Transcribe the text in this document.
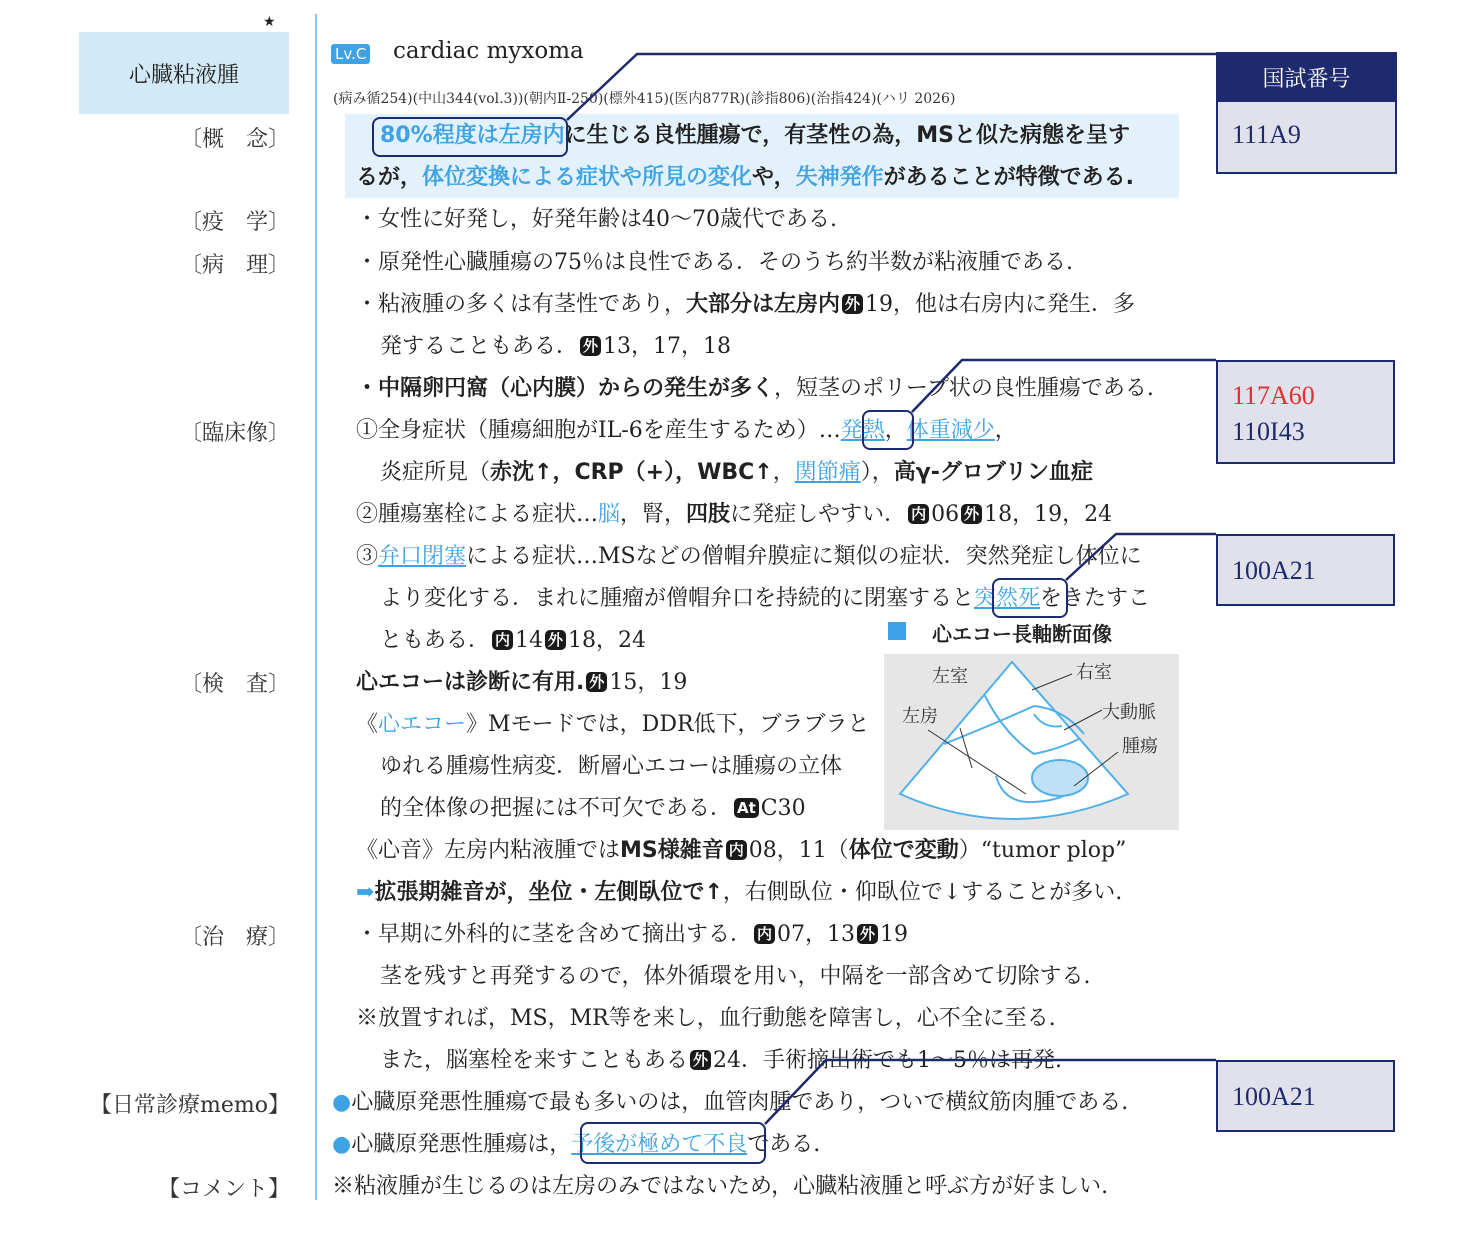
★
心臓粘液腫
〔概　念〕
〔疫　学〕
〔病　理〕
〔臨床像〕
〔検　査〕
〔治　療〕
【日常診療memo】
【コメント】
Lv.C cardiac myxoma
(病み循254)(中山344(vol.3))(朝内Ⅱ-250)(標外415)(医内877R)(診指806)(治指424)(ハリ 2026)
80%程度は左房内に生じる良性腫瘍で，有茎性の為，MSと似た病態を呈す
るが，体位変換による症状や所見の変化や，失神発作があることが特徴である.
・女性に好発し，好発年齢は40～70歳代である.
・原発性心臓腫瘍の75％は良性である．そのうち約半数が粘液腫である.
・粘液腫の多くは有茎性であり，大部分は左房内 外 19，他は右房内に発生．多
発することもある． 外 13，17，18
・中隔卵円窩（心内膜）からの発生が多く，短茎のポリープ状の良性腫瘍である.
①全身症状（腫瘍細胞がIL-6を産生するため）…発熱，体重減少，
炎症所見（赤沈↑，CRP（+），WBC↑，関節痛），高γ-グロブリン血症
②腫瘍塞栓による症状…脳，腎，四肢に発症しやすい． 内 06 外 18，19，24
③弁口閉塞による症状…MSなどの僧帽弁膜症に類似の症状．突然発症し体位に
より変化する．まれに腫瘤が僧帽弁口を持続的に閉塞すると突然死をきたすこ
ともある． 内 14 外 18，24
心エコーは診断に有用. 外 15，19
《心エコー》Mモードでは，DDR低下，ブラブラと
ゆれる腫瘍性病変．断層心エコーは腫瘍の立体
的全体像の把握には不可欠である． At C30
《心音》左房内粘液腫ではMS様雑音 内 08，11（体位で変動）“tumor plop”
➡拡張期雑音が，坐位・左側臥位で↑，右側臥位・仰臥位で↓することが多い.
心エコー長軸断面像
左室	右室
左房	大動脈
腫瘍
・早期に外科的に茎を含めて摘出する． 内 07，13 外 19
茎を残すと再発するので，体外循環を用い，中隔を一部含めて切除する.
※放置すれば，MS，MR等を来し，血行動態を障害し，心不全に至る.
また，脳塞栓を来すこともある 外 24．手術摘出術でも1～5％は再発.
●心臓原発悪性腫瘍で最も多いのは，血管肉腫であり，ついで横紋筋肉腫である.
●心臓原発悪性腫瘍は，予後が極めて不良である.
※粘液腫が生じるのは左房のみではないため，心臓粘液腫と呼ぶ方が好ましい.
国試番号
111A9
117A60
110I43
100A21
100A21
